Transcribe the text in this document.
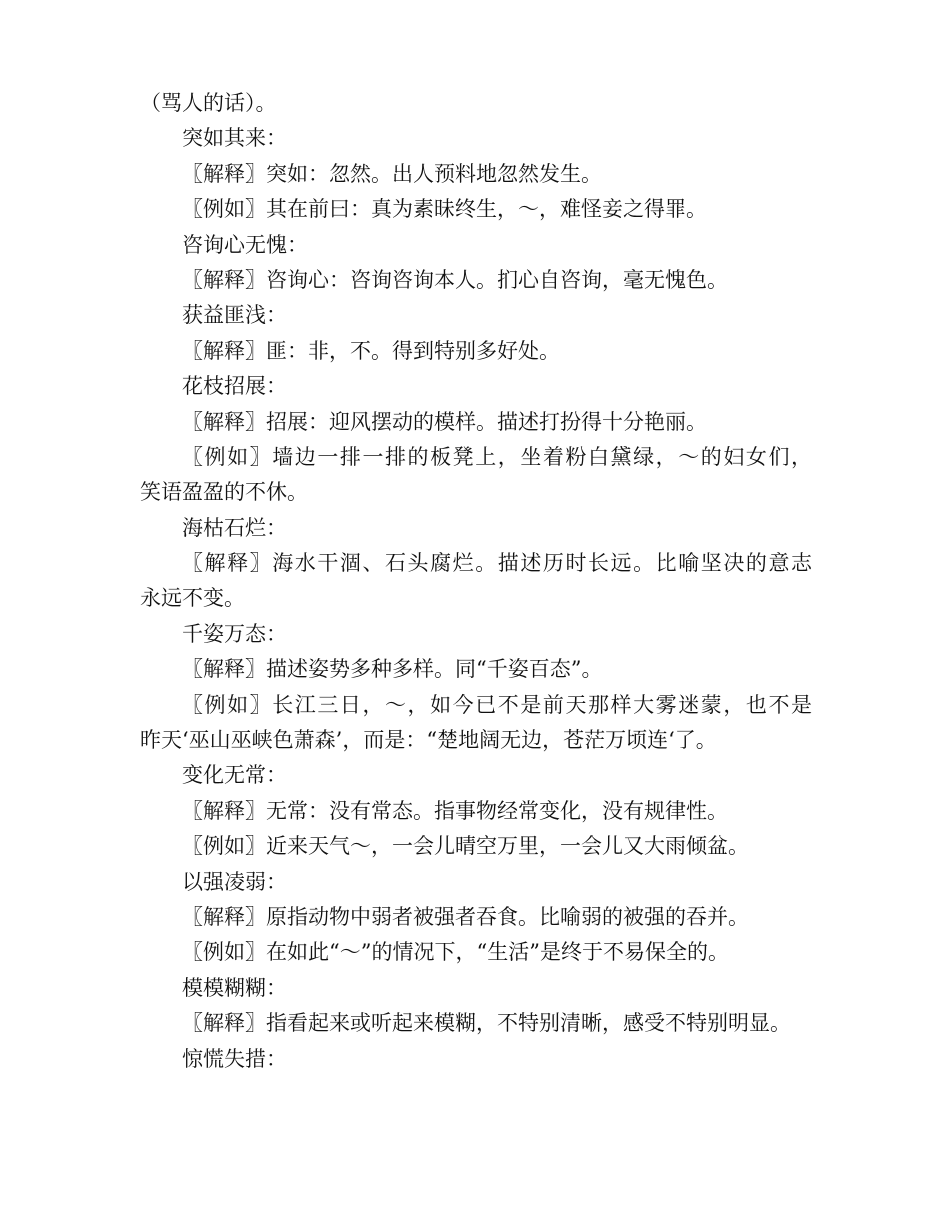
（骂人的话）。
突如其来：
〖解释〗突如：忽然。出人预料地忽然发生。
〖例如〗其在前曰：真为素昧终生，～，难怪妾之得罪。
咨询心无愧：
〖解释〗咨询心：咨询咨询本人。扪心自咨询，毫无愧色。
获益匪浅：
〖解释〗匪：非，不。得到特别多好处。
花枝招展：
〖解释〗招展：迎风摆动的模样。描述打扮得十分艳丽。
〖例如〗墙边一排一排的板凳上，坐着粉白黛绿，～的妇女们，
笑语盈盈的不休。
海枯石烂：
〖解释〗海水干涸、石头腐烂。描述历时长远。比喻坚决的意志
永远不变。
千姿万态：
〖解释〗描述姿势多种多样。同“千姿百态”。
〖例如〗长江三日，～，如今已不是前天那样大雾迷蒙，也不是
昨天‘巫山巫峡色萧森’，而是：“楚地阔无边，苍茫万顷连‘了。
变化无常：
〖解释〗无常：没有常态。指事物经常变化，没有规律性。
〖例如〗近来天气～，一会儿晴空万里，一会儿又大雨倾盆。
以强凌弱：
〖解释〗原指动物中弱者被强者吞食。比喻弱的被强的吞并。
〖例如〗在如此“～”的情况下，“生活”是终于不易保全的。
模模糊糊：
〖解释〗指看起来或听起来模糊，不特别清晰，感受不特别明显。
惊慌失措：
